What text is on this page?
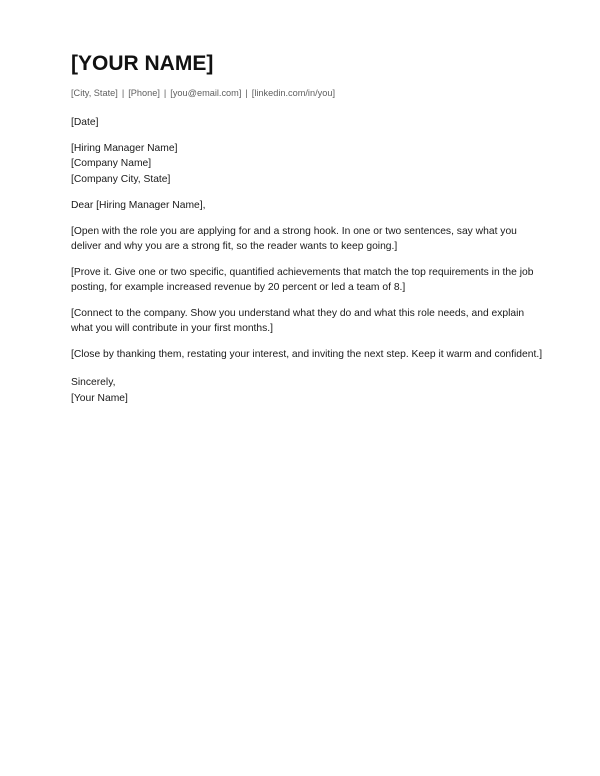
[YOUR NAME]
[City, State] | [Phone] | [you@email.com] | [linkedin.com/in/you]
[Date]
[Hiring Manager Name]
[Company Name]
[Company City, State]
Dear [Hiring Manager Name],
[Open with the role you are applying for and a strong hook. In one or two sentences, say what you
deliver and why you are a strong fit, so the reader wants to keep going.]
[Prove it. Give one or two specific, quantified achievements that match the top requirements in the job
posting, for example increased revenue by 20 percent or led a team of 8.]
[Connect to the company. Show you understand what they do and what this role needs, and explain
what you will contribute in your first months.]
[Close by thanking them, restating your interest, and inviting the next step. Keep it warm and confident.]
Sincerely,
[Your Name]
